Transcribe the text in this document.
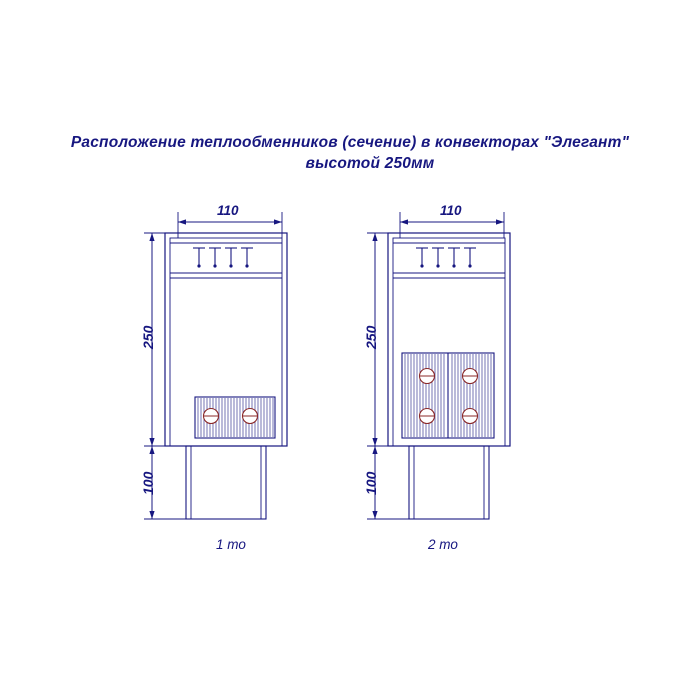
Расположение теплообменников (сечение) в конвекторах "Элегант"
высотой 250мм
110
250
100
1 то
110
250
100
2 то
